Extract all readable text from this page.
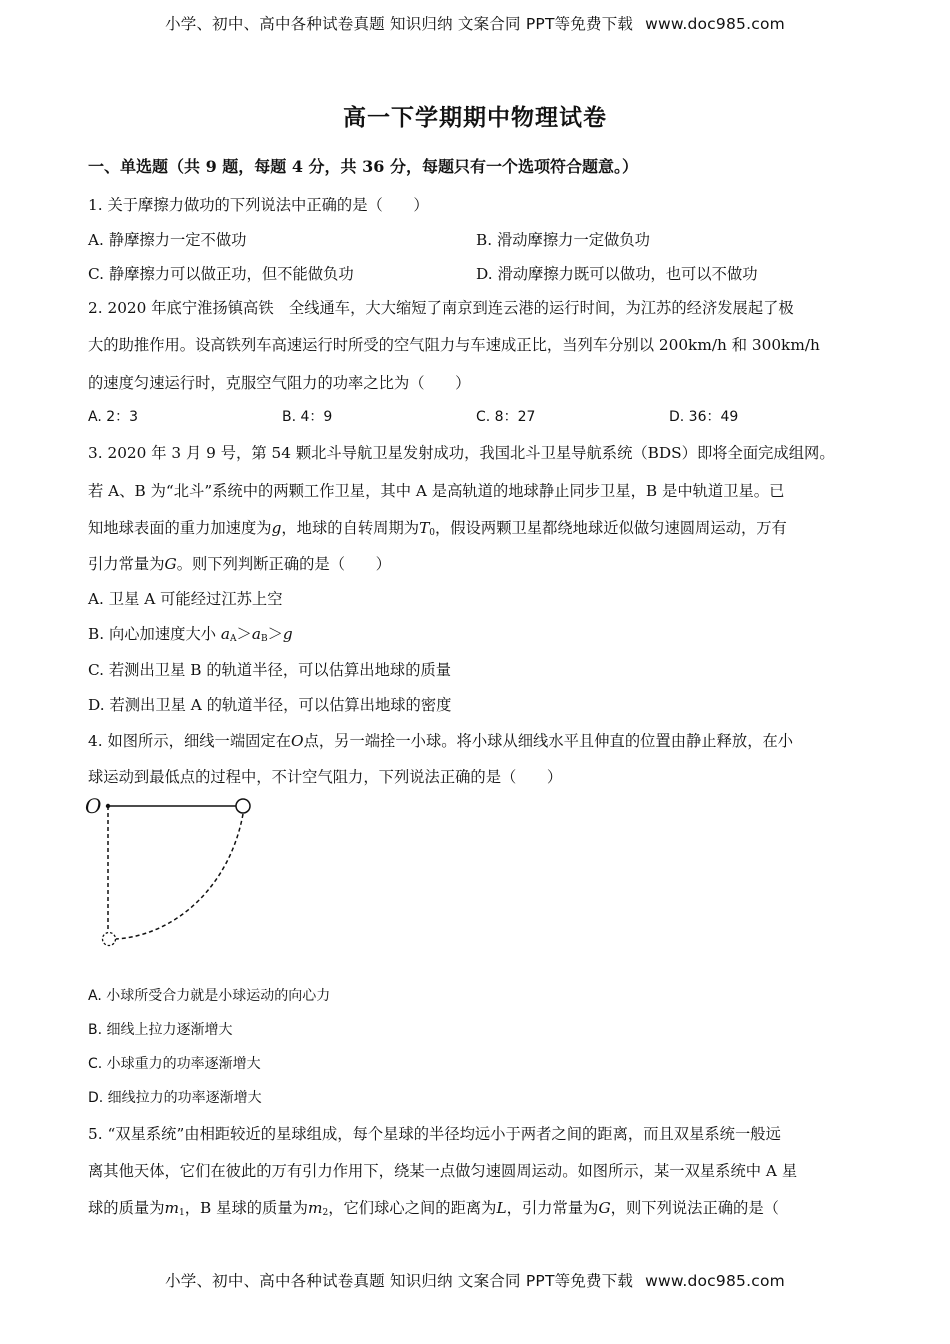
小学、初中、高中各种试卷真题 知识归纳 文案合同 PPT等免费下载 www.doc985.com
高一下学期期中物理试卷
一、单选题（共 9 题，每题 4 分，共 36 分，每题只有一个选项符合题意。）
1. 关于摩擦力做功的下列说法中正确的是（　　）
A. 静摩擦力一定不做功	B. 滑动摩擦力一定做负功
C. 静摩擦力可以做正功，但不能做负功	D. 滑动摩擦力既可以做功，也可以不做功
2. 2020 年底宁淮扬镇高铁　全线通车，大大缩短了南京到连云港的运行时间，为江苏的经济发展起了极
大的助推作用。设高铁列车高速运行时所受的空气阻力与车速成正比，当列车分别以 200km/h 和 300km/h
的速度匀速运行时，克服空气阻力的功率之比为（　　）
A. 2：3	B. 4：9	C. 8：27	D. 36：49
3. 2020 年 3 月 9 号，第 54 颗北斗导航卫星发射成功，我国北斗卫星导航系统（BDS）即将全面完成组网。
若 A、B 为“北斗”系统中的两颗工作卫星，其中 A 是高轨道的地球静止同步卫星，B 是中轨道卫星。已
知地球表面的重力加速度为g，地球的自转周期为$T_0$，假设两颗卫星都绕地球近似做匀速圆周运动，万有
引力常量为G。则下列判断正确的是（　　）
A. 卫星 A 可能经过江苏上空
B. 向心加速度大小 $a_A>a_B>g$
C. 若测出卫星 B 的轨道半径，可以估算出地球的质量
D. 若测出卫星 A 的轨道半径，可以估算出地球的密度
4. 如图所示，细线一端固定在O点，另一端拴一小球。将小球从细线水平且伸直的位置由静止释放，在小
球运动到最低点的过程中，不计空气阻力，下列说法正确的是（　　）
O
A. 小球所受合力就是小球运动的向心力
B. 细线上拉力逐渐增大
C. 小球重力的功率逐渐增大
D. 细线拉力的功率逐渐增大
5. “双星系统”由相距较近的星球组成，每个星球的半径均远小于两者之间的距离，而且双星系统一般远
离其他天体，它们在彼此的万有引力作用下，绕某一点做匀速圆周运动。如图所示，某一双星系统中 A 星
球的质量为$m_1$，B 星球的质量为$m_2$，它们球心之间的距离为L，引力常量为G，则下列说法正确的是（
小学、初中、高中各种试卷真题 知识归纳 文案合同 PPT等免费下载 www.doc985.com
